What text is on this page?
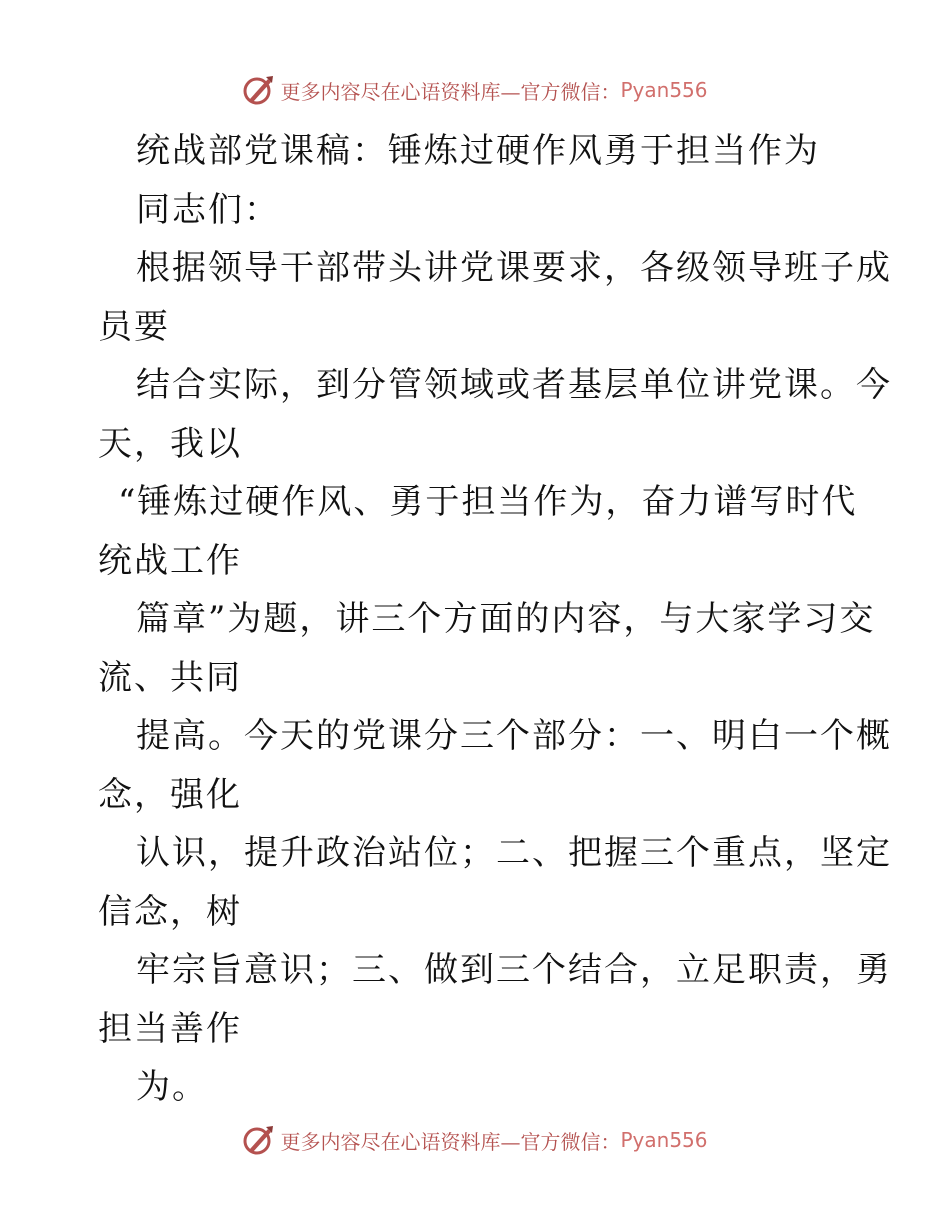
更多内容尽在心语资料库—官方微信： Pyan556
统战部党课稿：锤炼过硬作风勇于担当作为
同志们：
根据领导干部带头讲党课要求，各级领导班子成
员要
结合实际，到分管领域或者基层单位讲党课。今
天，我以
“锤炼过硬作风、勇于担当作为，奋力谱写时代
统战工作
篇章”为题，讲三个方面的内容，与大家学习交
流、共同
提高。今天的党课分三个部分：一、明白一个概
念，强化
认识，提升政治站位；二、把握三个重点，坚定
信念，树
牢宗旨意识；三、做到三个结合，立足职责，勇
担当善作
为。
更多内容尽在心语资料库—官方微信： Pyan556
